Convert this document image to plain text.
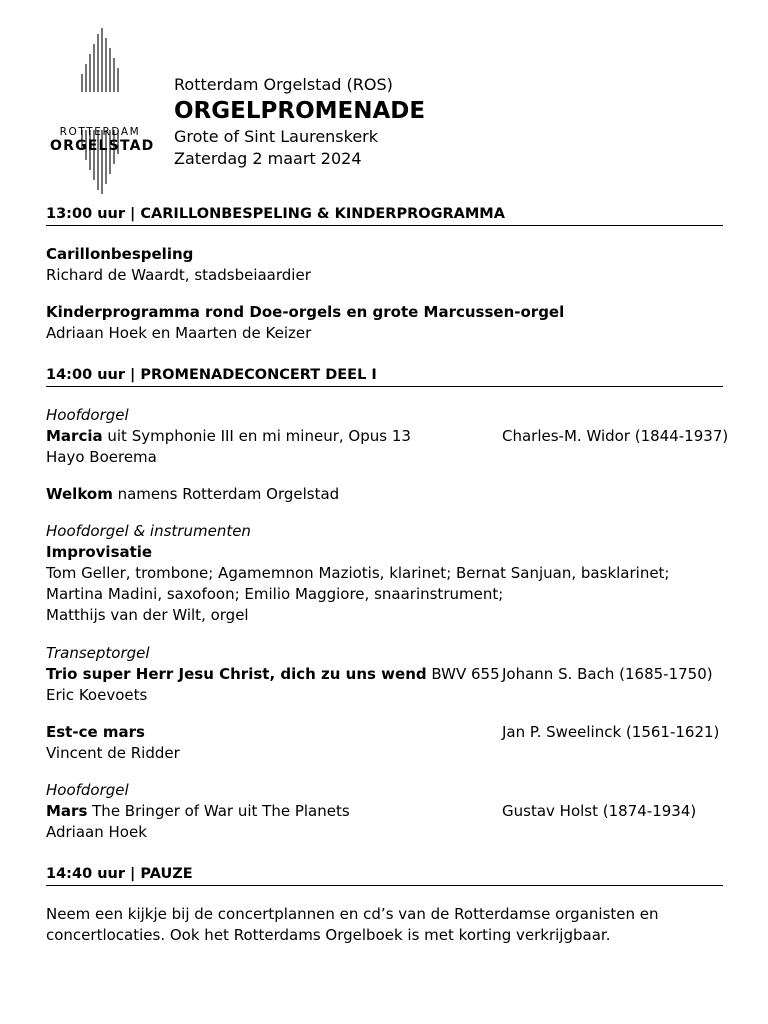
ROTTERDAM
ORGELSTAD
Rotterdam Orgelstad (ROS)
ORGELPROMENADE
Grote of Sint Laurenskerk
Zaterdag 2 maart 2024
13:00 uur | CARILLONBESPELING & KINDERPROGRAMMA
Carillonbespeling
Richard de Waardt, stadsbeiaardier
Kinderprogramma rond Doe-orgels en grote Marcussen-orgel
Adriaan Hoek en Maarten de Keizer
14:00 uur | PROMENADECONCERT DEEL I
Hoofdorgel
Marcia uit Symphonie III en mi mineur, Opus 13	Charles-M. Widor (1844-1937)
Hayo Boerema
Welkom namens Rotterdam Orgelstad
Hoofdorgel & instrumenten
Improvisatie
Tom Geller, trombone; Agamemnon Maziotis, klarinet; Bernat Sanjuan, basklarinet;
Martina Madini, saxofoon; Emilio Maggiore, snaarinstrument;
Matthijs van der Wilt, orgel
Transeptorgel
Trio super Herr Jesu Christ, dich zu uns wend BWV 655 Johann S. Bach (1685-1750)
Eric Koevoets
Est-ce mars	Jan P. Sweelinck (1561-1621)
Vincent de Ridder
Hoofdorgel
Mars The Bringer of War uit The Planets	Gustav Holst (1874-1934)
Adriaan Hoek
14:40 uur | PAUZE
Neem een kijkje bij de concertplannen en cd’s van de Rotterdamse organisten en
concertlocaties. Ook het Rotterdams Orgelboek is met korting verkrijgbaar.
